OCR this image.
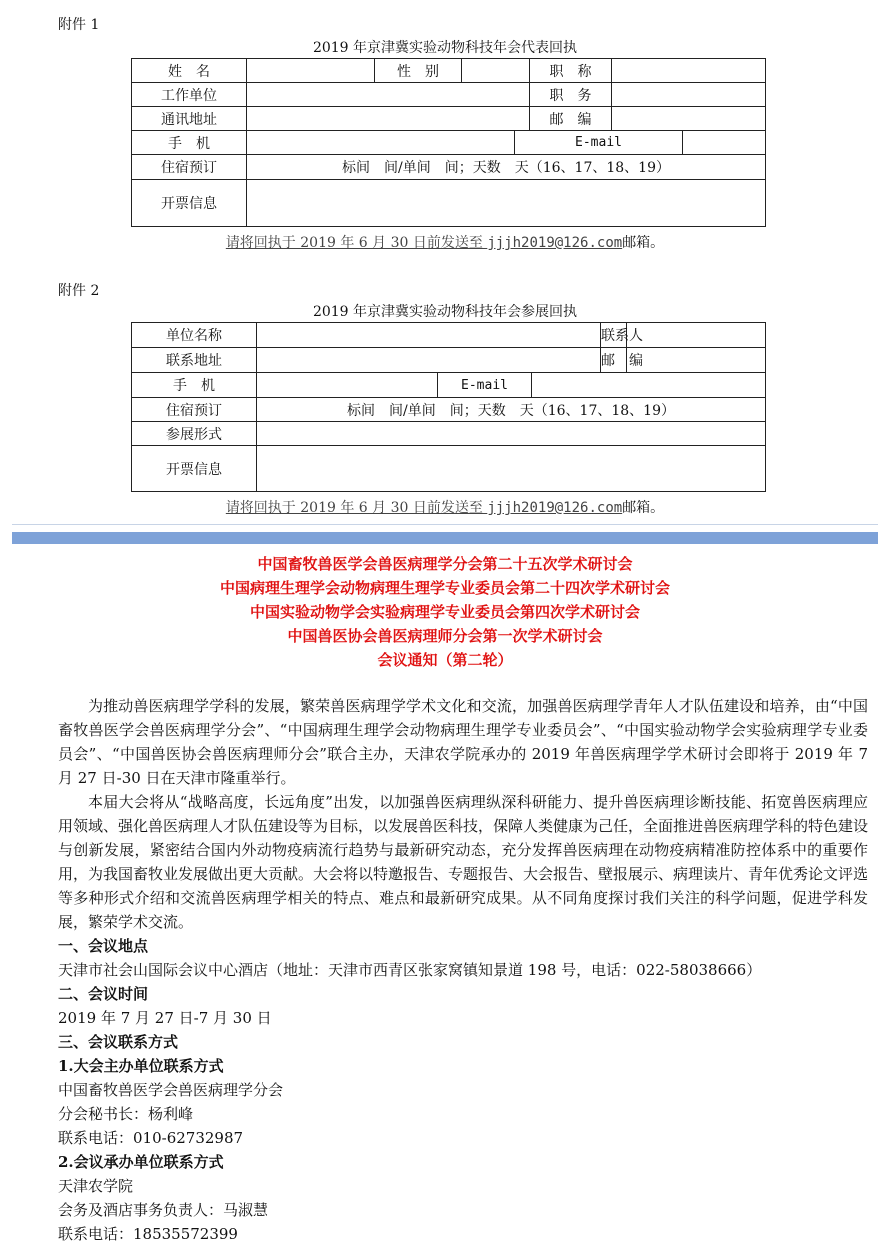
附件 1
2019 年京津冀实验动物科技年会代表回执
姓　名		性　别			职　称		
工作单位					职　务		
通讯地址					邮　编		
手　机				E-mail			
住宿预订	标间　间/单间　间；天数　天（16、17、18、19）						
开票信息							
请将回执于 2019 年 6 月 30 日前发送至 jjjh2019@126.com邮箱。
附件 2
2019 年京津冀实验动物科技年会参展回执
单位名称				联系人	
联系地址				邮　编	
手　机		E-mail			
住宿预订	标间　间/单间　间；天数　天（16、17、18、19）				
参展形式					
开票信息					
请将回执于 2019 年 6 月 30 日前发送至 jjjh2019@126.com邮箱。
中国畜牧兽医学会兽医病理学分会第二十五次学术研讨会
中国病理生理学会动物病理生理学专业委员会第二十四次学术研讨会
中国实验动物学会实验病理学专业委员会第四次学术研讨会
中国兽医协会兽医病理师分会第一次学术研讨会
会议通知（第二轮）

为推动兽医病理学学科的发展，繁荣兽医病理学学术文化和交流，加强兽医病理学青年人才队伍建设和培养，由“中国畜牧兽医学会兽医病理学分会”、“中国病理生理学会动物病理生理学专业委员会”、“中国实验动物学会实验病理学专业委员会”、“中国兽医协会兽医病理师分会”联合主办，天津农学院承办的 2019 年兽医病理学学术研讨会即将于 2019 年 7 月 27 日-30 日在天津市隆重举行。

本届大会将从“战略高度，长远角度”出发，以加强兽医病理纵深科研能力、提升兽医病理诊断技能、拓宽兽医病理应用领域、强化兽医病理人才队伍建设等为目标，以发展兽医科技，保障人类健康为己任，全面推进兽医病理学科的特色建设与创新发展，紧密结合国内外动物疫病流行趋势与最新研究动态，充分发挥兽医病理在动物疫病精准防控体系中的重要作用，为我国畜牧业发展做出更大贡献。大会将以特邀报告、专题报告、大会报告、壁报展示、病理读片、青年优秀论文评选等多种形式介绍和交流兽医病理学相关的特点、难点和最新研究成果。从不同角度探讨我们关注的科学问题，促进学科发展，繁荣学术交流。

一、会议地点
天津市社会山国际会议中心酒店（地址：天津市西青区张家窝镇知景道 198 号，电话：022-58038666）
二、会议时间
2019 年 7 月 27 日-7 月 30 日
三、会议联系方式
1.大会主办单位联系方式
中国畜牧兽医学会兽医病理学分会
分会秘书长：杨利峰
联系电话：010-62732987
2.会议承办单位联系方式
天津农学院
会务及酒店事务负责人：马淑慧
联系电话：18535572399
